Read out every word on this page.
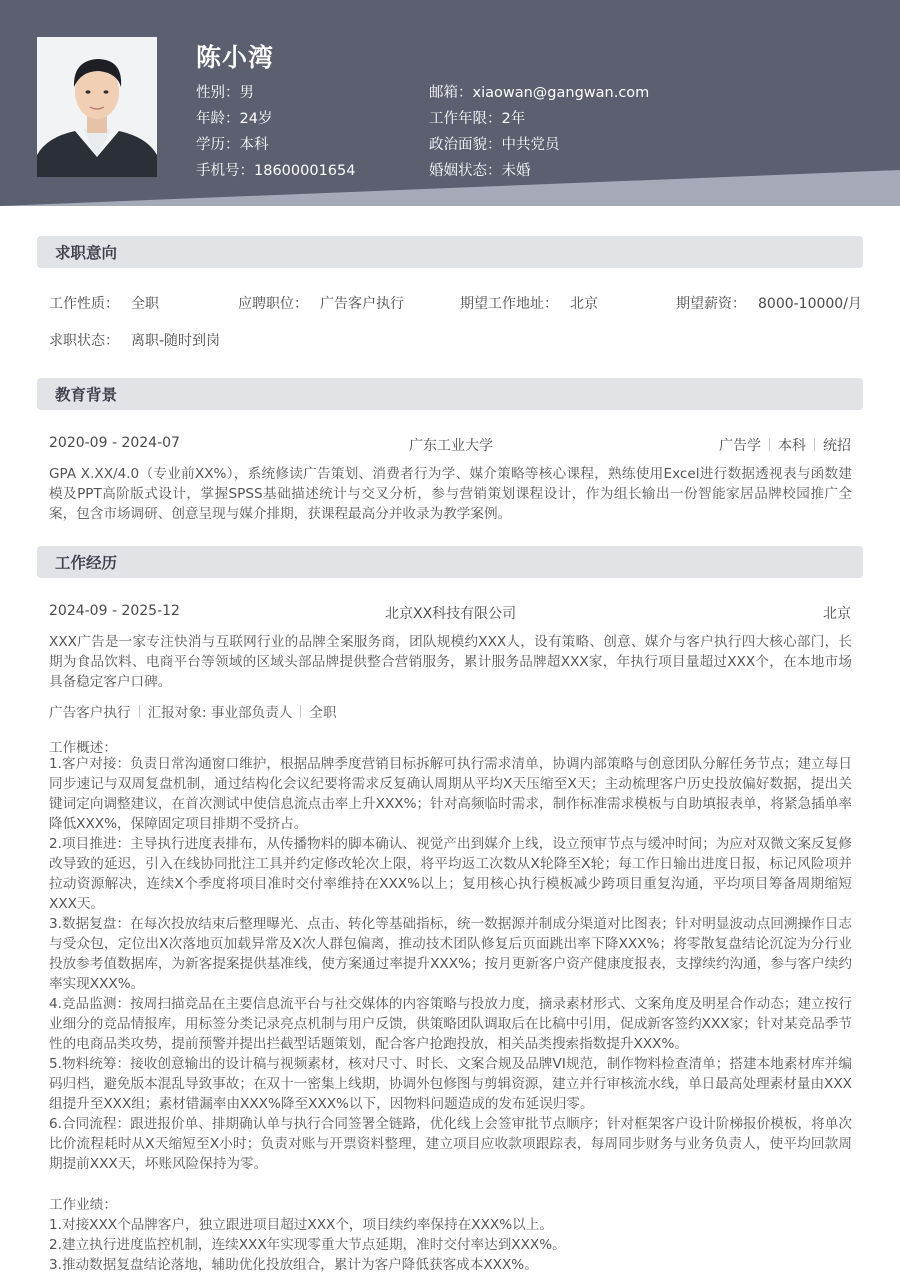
陈小湾
性别 ： 男
年龄 ： 24岁
学历 ： 本科
手机号 ： 18600001654
邮箱 ： xiaowan@gangwan.com
工作年限 ： 2年
政治面貌 ： 中共党员
婚姻状态 ： 未婚
求职意向
工作性质 ： 全职	应聘职位 ： 广告客户执行	期望工作地址 ： 北京	期望薪资 ： 8000-10000/月
求职状态 ： 离职-随时到岗
教育背景
2020-09 - 2024-07	广东工业大学	广告学 本科 统招
GPA X.XX/4.0（专业前XX%），系统修读广告策划、消费者行为学、媒介策略等核心课程，熟练使用Excel进行数据透视表与函数建模及PPT高阶版式设计，掌握SPSS基础描述统计与交叉分析，参与营销策划课程设计，作为组长输出一份智能家居品牌校园推广全案，包含市场调研、创意呈现与媒介排期，获课程最高分并收录为教学案例。
工作经历
2024-09 - 2025-12	北京XX科技有限公司	北京
XXX广告是一家专注快消与互联网行业的品牌全案服务商，团队规模约XXX人，设有策略、创意、媒介与客户执行四大核心部门，长期为食品饮料、电商平台等领域的区域头部品牌提供整合营销服务，累计服务品牌超XXX家，年执行项目量超过XXX个，在本地市场具备稳定客户口碑。
广告客户执行 汇报对象: 事业部负责人 全职
工作概述：
1.客户对接：负责日常沟通窗口维护，根据品牌季度营销目标拆解可执行需求清单，协调内部策略与创意团队分解任务节点；建立每日同步速记与双周复盘机制，通过结构化会议纪要将需求反复确认周期从平均X天压缩至X天；主动梳理客户历史投放偏好数据，提出关键词定向调整建议，在首次测试中使信息流点击率上升XXX%；针对高频临时需求，制作标准需求模板与自助填报表单，将紧急插单率降低XXX%，保障固定项目排期不受挤占。
2.项目推进：主导执行进度表排布，从传播物料的脚本确认、视觉产出到媒介上线，设立预审节点与缓冲时间；为应对双微文案反复修改导致的延迟，引入在线协同批注工具并约定修改轮次上限，将平均返工次数从X轮降至X轮；每工作日输出进度日报，标记风险项并拉动资源解决，连续X个季度将项目准时交付率维持在XXX%以上；复用核心执行模板减少跨项目重复沟通，平均项目筹备周期缩短XXX天。
3.数据复盘：在每次投放结束后整理曝光、点击、转化等基础指标，统一数据源并制成分渠道对比图表；针对明显波动点回溯操作日志与受众包，定位出X次落地页加载异常及X次人群包偏离，推动技术团队修复后页面跳出率下降XXX%；将零散复盘结论沉淀为分行业投放参考值数据库，为新客提案提供基准线，使方案通过率提升XXX%；按月更新客户资产健康度报表，支撑续约沟通，参与客户续约率实现XXX%。
4.竞品监测：按周扫描竞品在主要信息流平台与社交媒体的内容策略与投放力度，摘录素材形式、文案角度及明星合作动态；建立按行业细分的竞品情报库，用标签分类记录亮点机制与用户反馈，供策略团队调取后在比稿中引用，促成新客签约XXX家；针对某竞品季节性的电商品类攻势，提前预警并提出拦截型话题策划，配合客户抢跑投放，相关品类搜索指数提升XXX%。
5.物料统筹：接收创意输出的设计稿与视频素材，核对尺寸、时长、文案合规及品牌VI规范，制作物料检查清单；搭建本地素材库并编码归档，避免版本混乱导致事故；在双十一密集上线期，协调外包修图与剪辑资源，建立并行审核流水线，单日最高处理素材量由XXX组提升至XXX组；素材错漏率由XXX%降至XXX%以下，因物料问题造成的发布延误归零。
6.合同流程：跟进报价单、排期确认单与执行合同签署全链路，优化线上会签审批节点顺序；针对框架客户设计阶梯报价模板，将单次比价流程耗时从X天缩短至X小时；负责对账与开票资料整理，建立项目应收款项跟踪表，每周同步财务与业务负责人，使平均回款周期提前XXX天，坏账风险保持为零。
工作业绩：
1.对接XXX个品牌客户，独立跟进项目超过XXX个，项目续约率保持在XXX%以上。
2.建立执行进度监控机制，连续XXX年实现零重大节点延期，准时交付率达到XXX%。
3.推动数据复盘结论落地，辅助优化投放组合，累计为客户降低获客成本XXX%。
